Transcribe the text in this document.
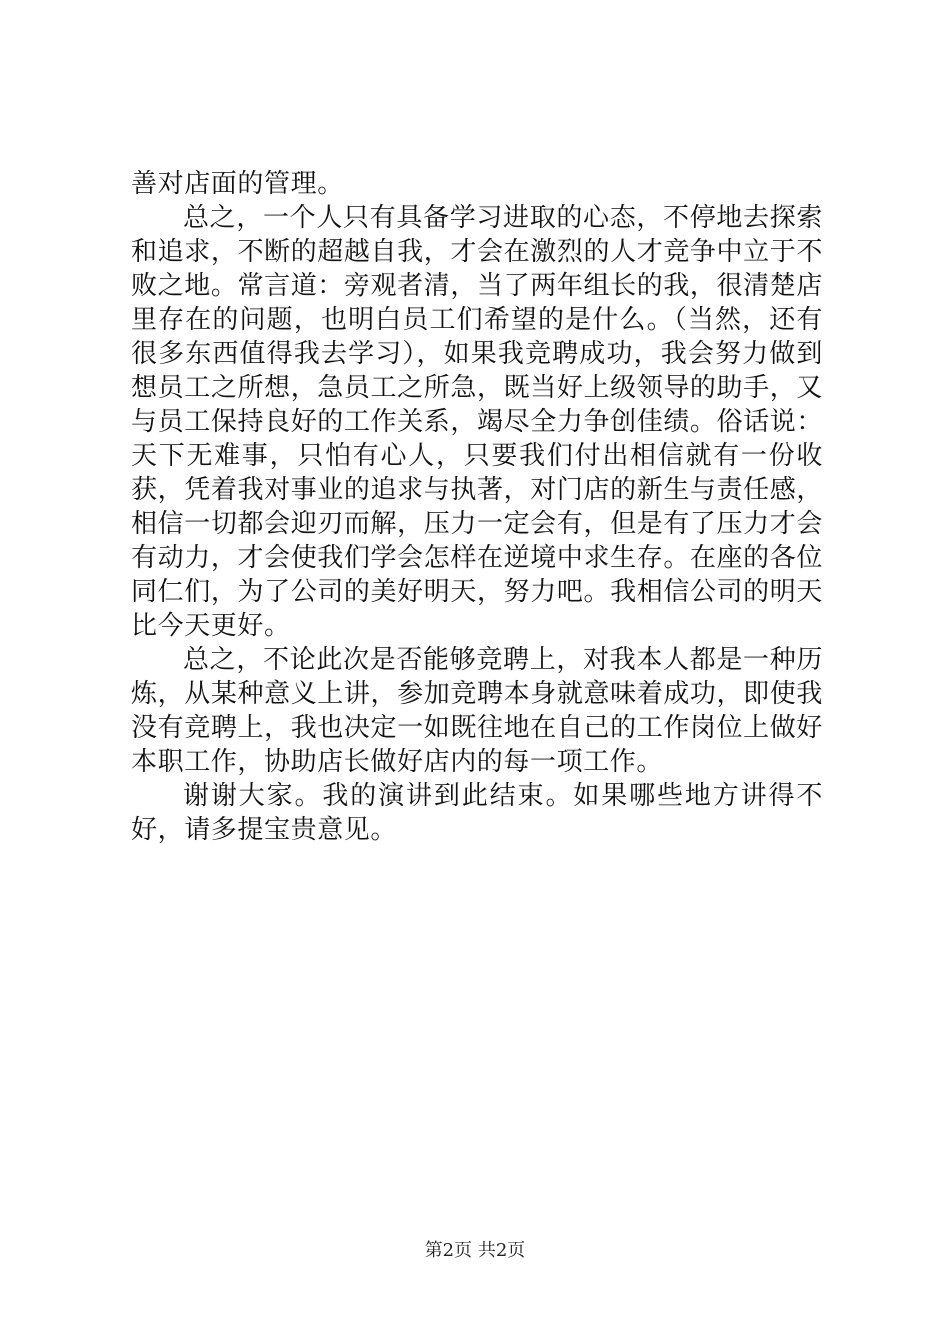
善对店面的管理。

总之，一个人只有具备学习进取的心态，不停地去探索和追求，不断的超越自我，才会在激烈的人才竞争中立于不败之地。常言道：旁观者清，当了两年组长的我，很清楚店里存在的问题，也明白员工们希望的是什么。（当然，还有很多东西值得我去学习），如果我竞聘成功，我会努力做到想员工之所想，急员工之所急，既当好上级领导的助手，又与员工保持良好的工作关系，竭尽全力争创佳绩。俗话说：天下无难事，只怕有心人，只要我们付出相信就有一份收获，凭着我对事业的追求与执著，对门店的新生与责任感，相信一切都会迎刃而解，压力一定会有，但是有了压力才会有动力，才会使我们学会怎样在逆境中求生存。在座的各位同仁们，为了公司的美好明天，努力吧。我相信公司的明天比今天更好。

总之，不论此次是否能够竞聘上，对我本人都是一种历炼，从某种意义上讲，参加竞聘本身就意味着成功，即使我没有竞聘上，我也决定一如既往地在自己的工作岗位上做好本职工作，协助店长做好店内的每一项工作。

谢谢大家。我的演讲到此结束。如果哪些地方讲得不好，请多提宝贵意见。

第2页 共2页
